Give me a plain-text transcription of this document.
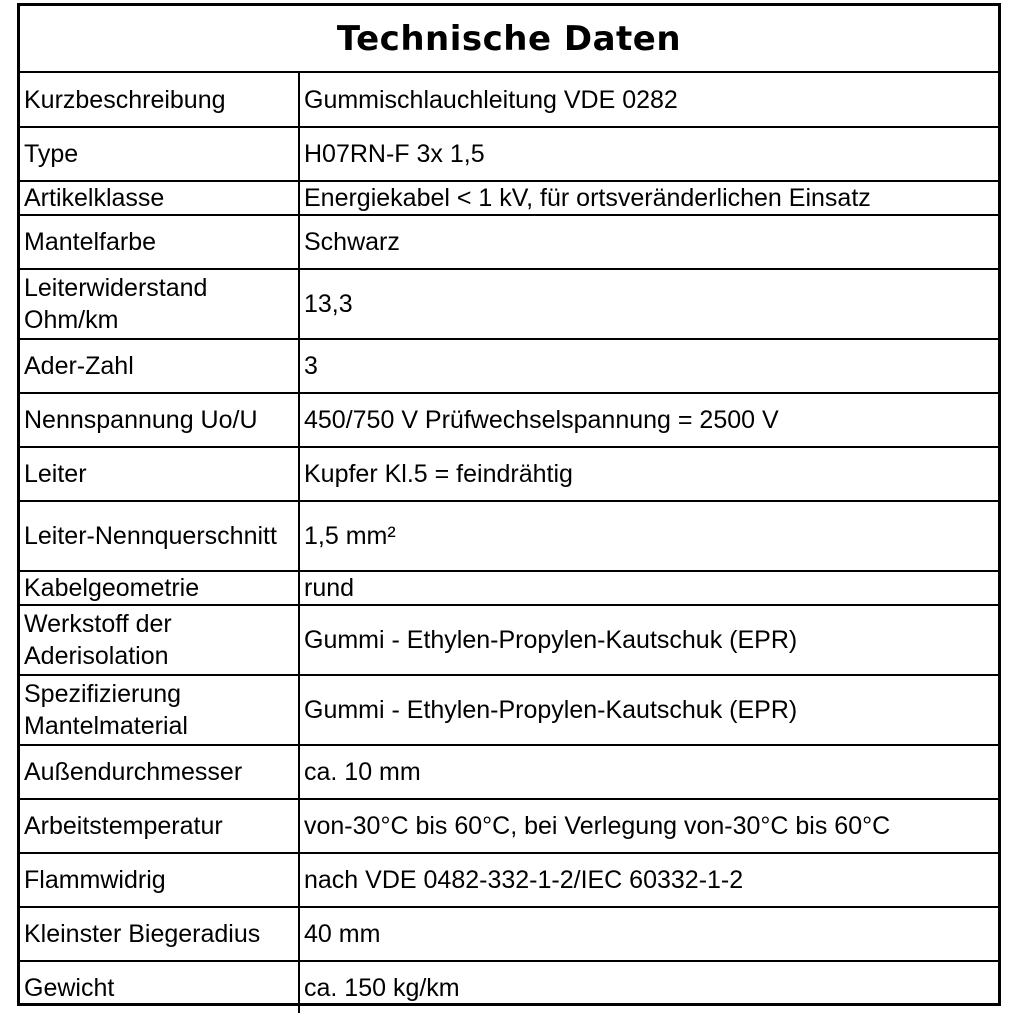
Technische Daten
Kurzbeschreibung	Gummischlauchleitung VDE 0282
Type	H07RN-F 3x 1,5
Artikelklasse	Energiekabel < 1 kV, für ortsveränderlichen Einsatz
Mantelfarbe	Schwarz
Leiterwiderstand Ohm/km	13,3
Ader-Zahl	3
Nennspannung Uo/U	450/750 V Prüfwechselspannung = 2500 V
Leiter	Kupfer Kl.5 = feindrähtig
Leiter-Nennquerschnitt	1,5 mm²
Kabelgeometrie	rund
Werkstoff der Aderisolation	Gummi - Ethylen-Propylen-Kautschuk (EPR)
Spezifizierung Mantelmaterial	Gummi - Ethylen-Propylen-Kautschuk (EPR)
Außendurchmesser	ca. 10 mm
Arbeitstemperatur	von-30°C bis 60°C, bei Verlegung von-30°C bis 60°C
Flammwidrig	nach VDE 0482-332-1-2/IEC 60332-1-2
Kleinster Biegeradius	40 mm
Gewicht	ca. 150 kg/km
